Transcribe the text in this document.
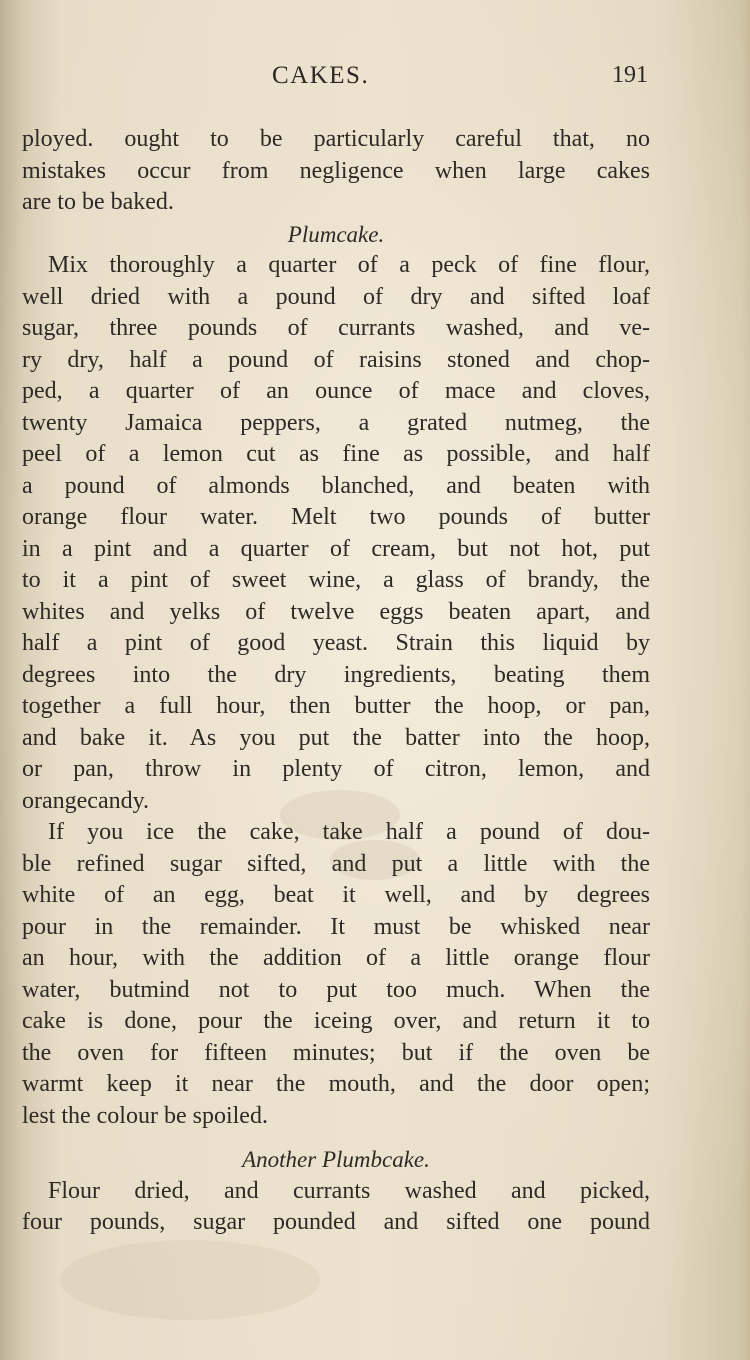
CAKES.	191
ployed. ought to be particularly careful that, no
mistakes occur from negligence when large cakes
are to be baked.
Plumcake.
Mix thoroughly a quarter of a peck of fine flour,
well dried with a pound of dry and sifted loaf
sugar, three pounds of currants washed, and ve-
ry dry, half a pound of raisins stoned and chop-
ped, a quarter of an ounce of mace and cloves,
twenty Jamaica peppers, a grated nutmeg, the
peel of a lemon cut as fine as possible, and half
a pound of almonds blanched, and beaten with
orange flour water. Melt two pounds of butter
in a pint and a quarter of cream, but not hot, put
to it a pint of sweet wine, a glass of brandy, the
whites and yelks of twelve eggs beaten apart, and
half a pint of good yeast. Strain this liquid by
degrees into the dry ingredients, beating them
together a full hour, then butter the hoop, or pan,
and bake it. As you put the batter into the hoop,
or pan, throw in plenty of citron, lemon, and
orangecandy.
If you ice the cake, take half a pound of dou-
ble refined sugar sifted, and put a little with the
white of an egg, beat it well, and by degrees
pour in the remainder. It must be whisked near
an hour, with the addition of a little orange flour
water, butmind not to put too much. When the
cake is done, pour the iceing over, and return it to
the oven for fifteen minutes; but if the oven be
warmt keep it near the mouth, and the door open;
lest the colour be spoiled.
Another Plumbcake.
Flour dried, and currants washed and picked,
four pounds, sugar pounded and sifted one pound
